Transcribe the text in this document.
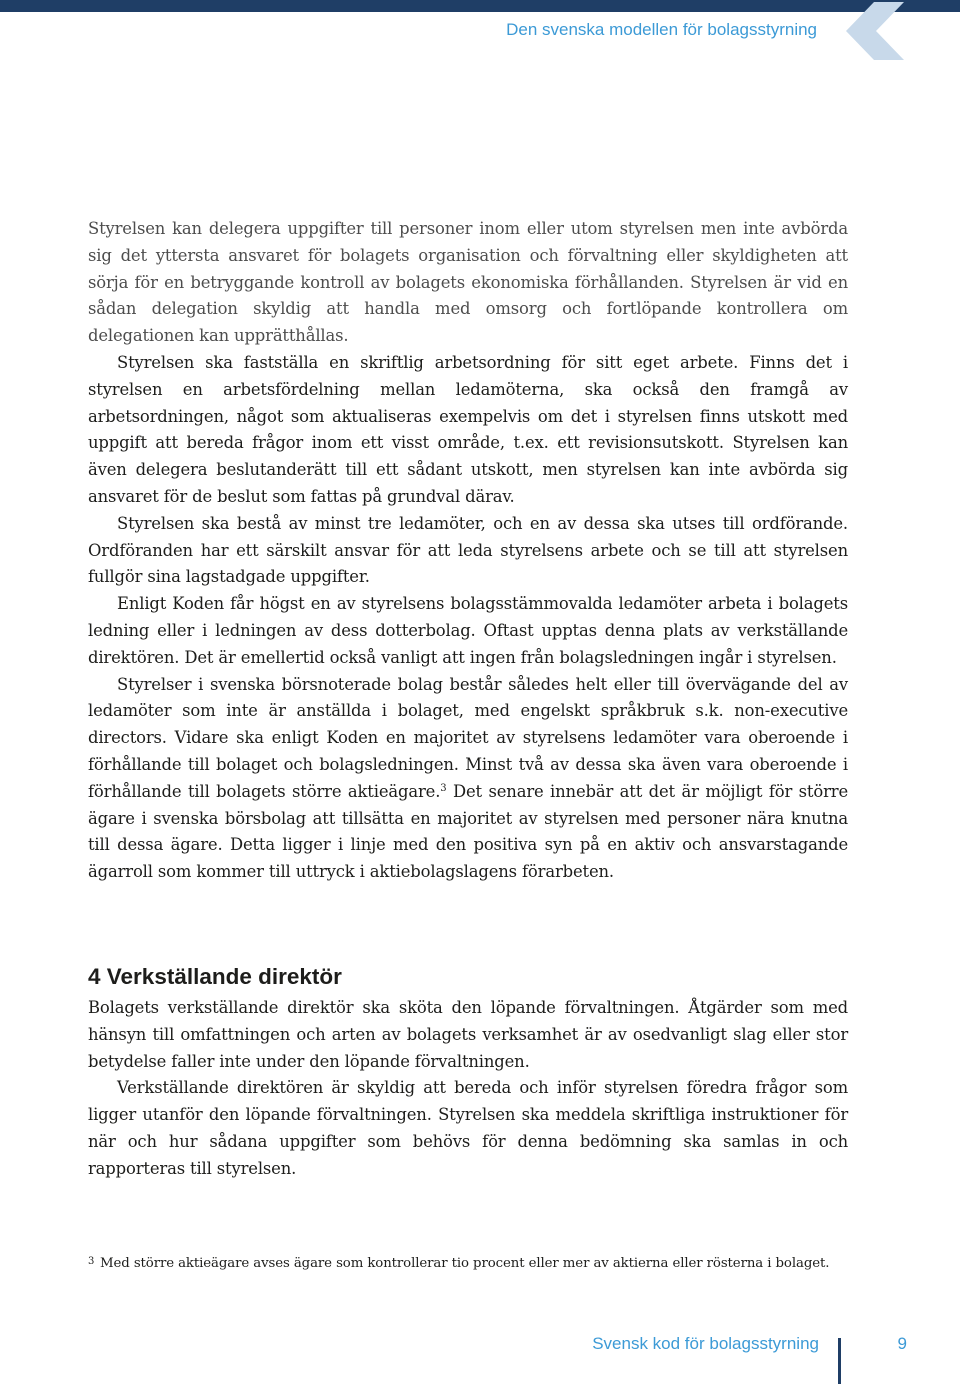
Den svenska modellen för bolagsstyrning

Styrelsen kan delegera uppgifter till personer inom eller utom styrelsen men inte avbörda sig det yttersta ansvaret för bolagets organisation och förvaltning eller skyldigheten att sörja för en betryggande kontroll av bolagets ekonomiska förhållanden. Styrelsen är vid en sådan delegation skyldig att handla med omsorg och fortlöpande kontrollera om delegationen kan upprätthållas.

Styrelsen ska fastställa en skriftlig arbetsordning för sitt eget arbete. Finns det i styrelsen en arbetsfördelning mellan ledamöterna, ska också den framgå av arbetsordningen, något som aktualiseras exempelvis om det i styrelsen finns utskott med uppgift att bereda frågor inom ett visst område, t.ex. ett revisionsutskott. Styrelsen kan även delegera beslutanderätt till ett sådant utskott, men styrelsen kan inte avbörda sig ansvaret för de beslut som fattas på grundval därav.

Styrelsen ska bestå av minst tre ledamöter, och en av dessa ska utses till ordförande. Ordföranden har ett särskilt ansvar för att leda styrelsens arbete och se till att styrelsen fullgör sina lagstadgade uppgifter.

Enligt Koden får högst en av styrelsens bolagsstämmovalda ledamöter arbeta i bolagets ledning eller i ledningen av dess dotterbolag. Oftast upptas denna plats av verkställande direktören. Det är emellertid också vanligt att ingen från bolagsledningen ingår i styrelsen.

Styrelser i svenska börsnoterade bolag består således helt eller till övervägande del av ledamöter som inte är anställda i bolaget, med engelskt språkbruk s.k. non-executive directors. Vidare ska enligt Koden en majoritet av styrelsens ledamöter vara oberoende i förhållande till bolaget och bolagsledningen. Minst två av dessa ska även vara oberoende i förhållande till bolagets större aktieägare.$^3$ Det senare innebär att det är möjligt för större ägare i svenska börsbolag att tillsätta en majoritet av styrelsen med personer nära knutna till dessa ägare. Detta ligger i linje med den positiva syn på en aktiv och ansvarstagande ägarroll som kommer till uttryck i aktiebolagslagens förarbeten.

4 Verkställande direktör

Bolagets verkställande direktör ska sköta den löpande förvaltningen. Åtgärder som med hänsyn till omfattningen och arten av bolagets verksamhet är av osedvanligt slag eller stor betydelse faller inte under den löpande förvaltningen.

Verkställande direktören är skyldig att bereda och inför styrelsen föredra frågor som ligger utanför den löpande förvaltningen. Styrelsen ska meddela skriftliga instruktioner för när och hur sådana uppgifter som behövs för denna bedömning ska samlas in och rapporteras till styrelsen.

3 Med större aktieägare avses ägare som kontrollerar tio procent eller mer av aktierna eller rösterna i bolaget.
Svensk kod för bolagsstyrning	9
